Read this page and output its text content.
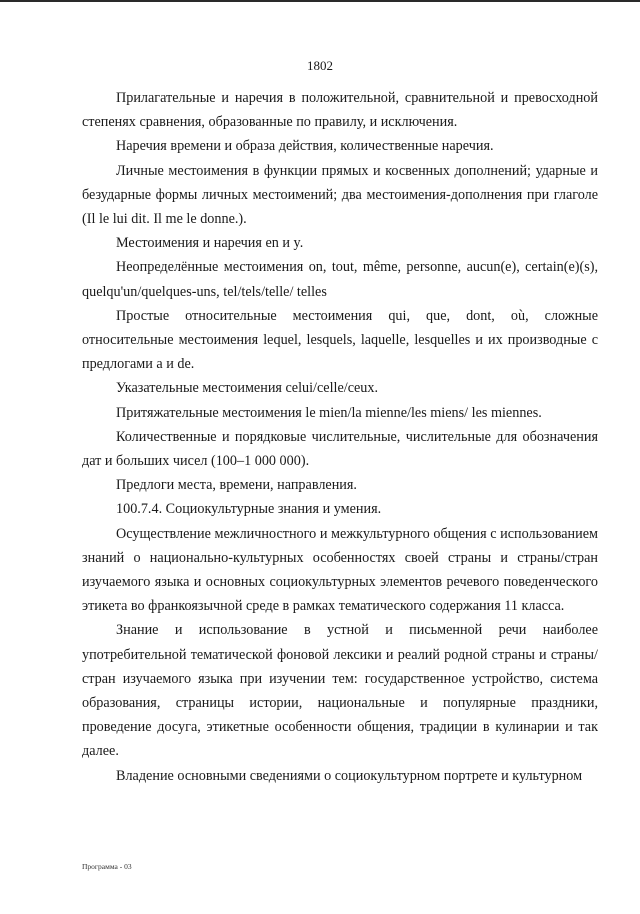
1802

Прилагательные и наречия в положительной, сравнительной и превосходной степенях сравнения, образованные по правилу, и исключения.

Наречия времени и образа действия, количественные наречия.

Личные местоимения в функции прямых и косвенных дополнений; ударные и безударные формы личных местоимений; два местоимения-дополнения при глаголе (Il le lui dit. Il me le donne.).

Местоимения и наречия en и y.

Неопределённые местоимения on, tout, même, personne, aucun(e), certain(e)(s), quelqu'un/quelques-uns, tel/tels/telle/ telles

Простые относительные местоимения qui, que, dont, où, сложные относительные местоимения lequel, lesquels, laquelle, lesquelles и их производные с предлогами а и de.

Указательные местоимения celui/celle/ceux.

Притяжательные местоимения le mien/la mienne/les miens/ les miennes.

Количественные и порядковые числительные, числительные для обозначения дат и больших чисел (100–1 000 000).

Предлоги места, времени, направления.

100.7.4. Социокультурные знания и умения.

Осуществление межличностного и межкультурного общения с использованием знаний о национально-культурных особенностях своей страны и страны/стран изучаемого языка и основных социокультурных элементов речевого поведенческого этикета во франкоязычной среде в рамках тематического содержания 11 класса.

Знание и использование в устной и письменной речи наиболее употребительной тематической фоновой лексики и реалий родной страны и страны/стран изучаемого языка при изучении тем: государственное устройство, система образования, страницы истории, национальные и популярные праздники, проведение досуга, этикетные особенности общения, традиции в кулинарии и так далее.

Владение основными сведениями о социокультурном портрете и культурном

Программа - 03
